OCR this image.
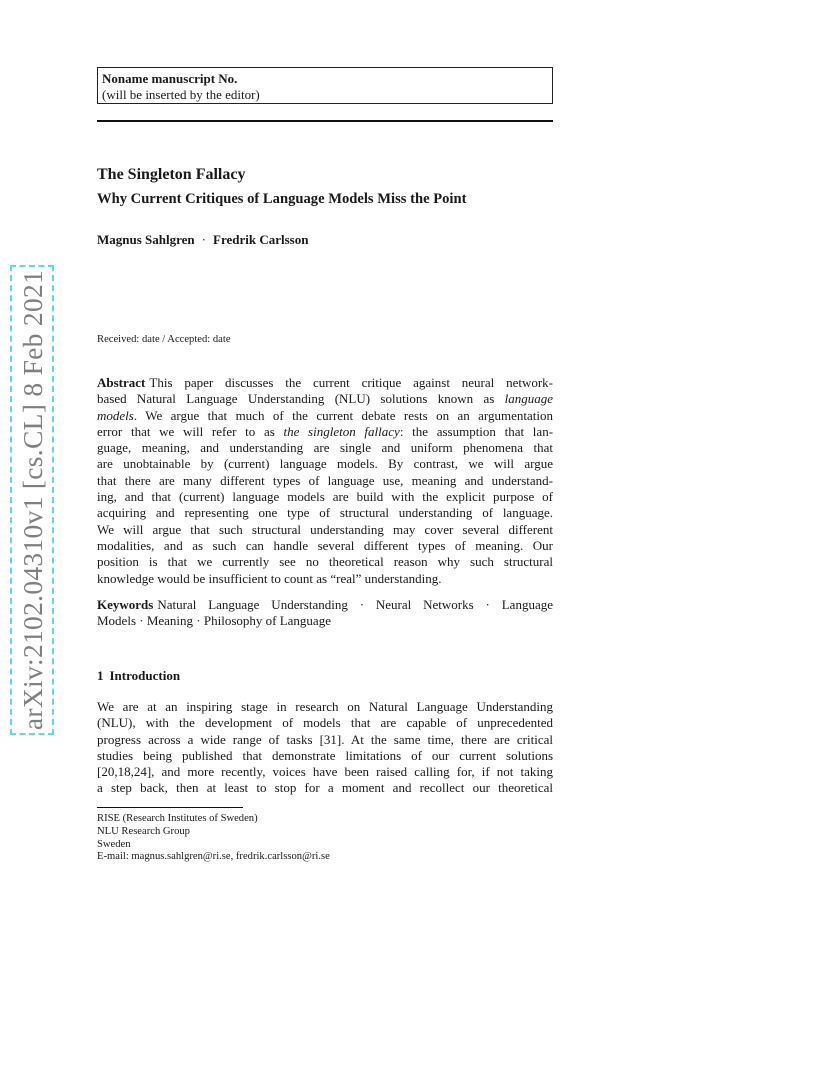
arXiv:2102.04310v1 [cs.CL] 8 Feb 2021
Noname manuscript No.
(will be inserted by the editor)
The Singleton Fallacy
Why Current Critiques of Language Models Miss the Point
Magnus Sahlgren · Fredrik Carlsson
Received: date / Accepted: date
Abstract This paper discusses the current critique against neural network-
based Natural Language Understanding (NLU) solutions known as language
models. We argue that much of the current debate rests on an argumentation
error that we will refer to as the singleton fallacy: the assumption that lan-
guage, meaning, and understanding are single and uniform phenomena that
are unobtainable by (current) language models. By contrast, we will argue
that there are many different types of language use, meaning and understand-
ing, and that (current) language models are build with the explicit purpose of
acquiring and representing one type of structural understanding of language.
We will argue that such structural understanding may cover several different
modalities, and as such can handle several different types of meaning. Our
position is that we currently see no theoretical reason why such structural
knowledge would be insufficient to count as “real” understanding.
Keywords Natural Language Understanding · Neural Networks · Language
Models · Meaning · Philosophy of Language
1 Introduction
We are at an inspiring stage in research on Natural Language Understanding
(NLU), with the development of models that are capable of unprecedented
progress across a wide range of tasks [31]. At the same time, there are critical
studies being published that demonstrate limitations of our current solutions
[20,18,24], and more recently, voices have been raised calling for, if not taking
a step back, then at least to stop for a moment and recollect our theoretical
RISE (Research Institutes of Sweden)
NLU Research Group
Sweden
E-mail: magnus.sahlgren@ri.se, fredrik.carlsson@ri.se
